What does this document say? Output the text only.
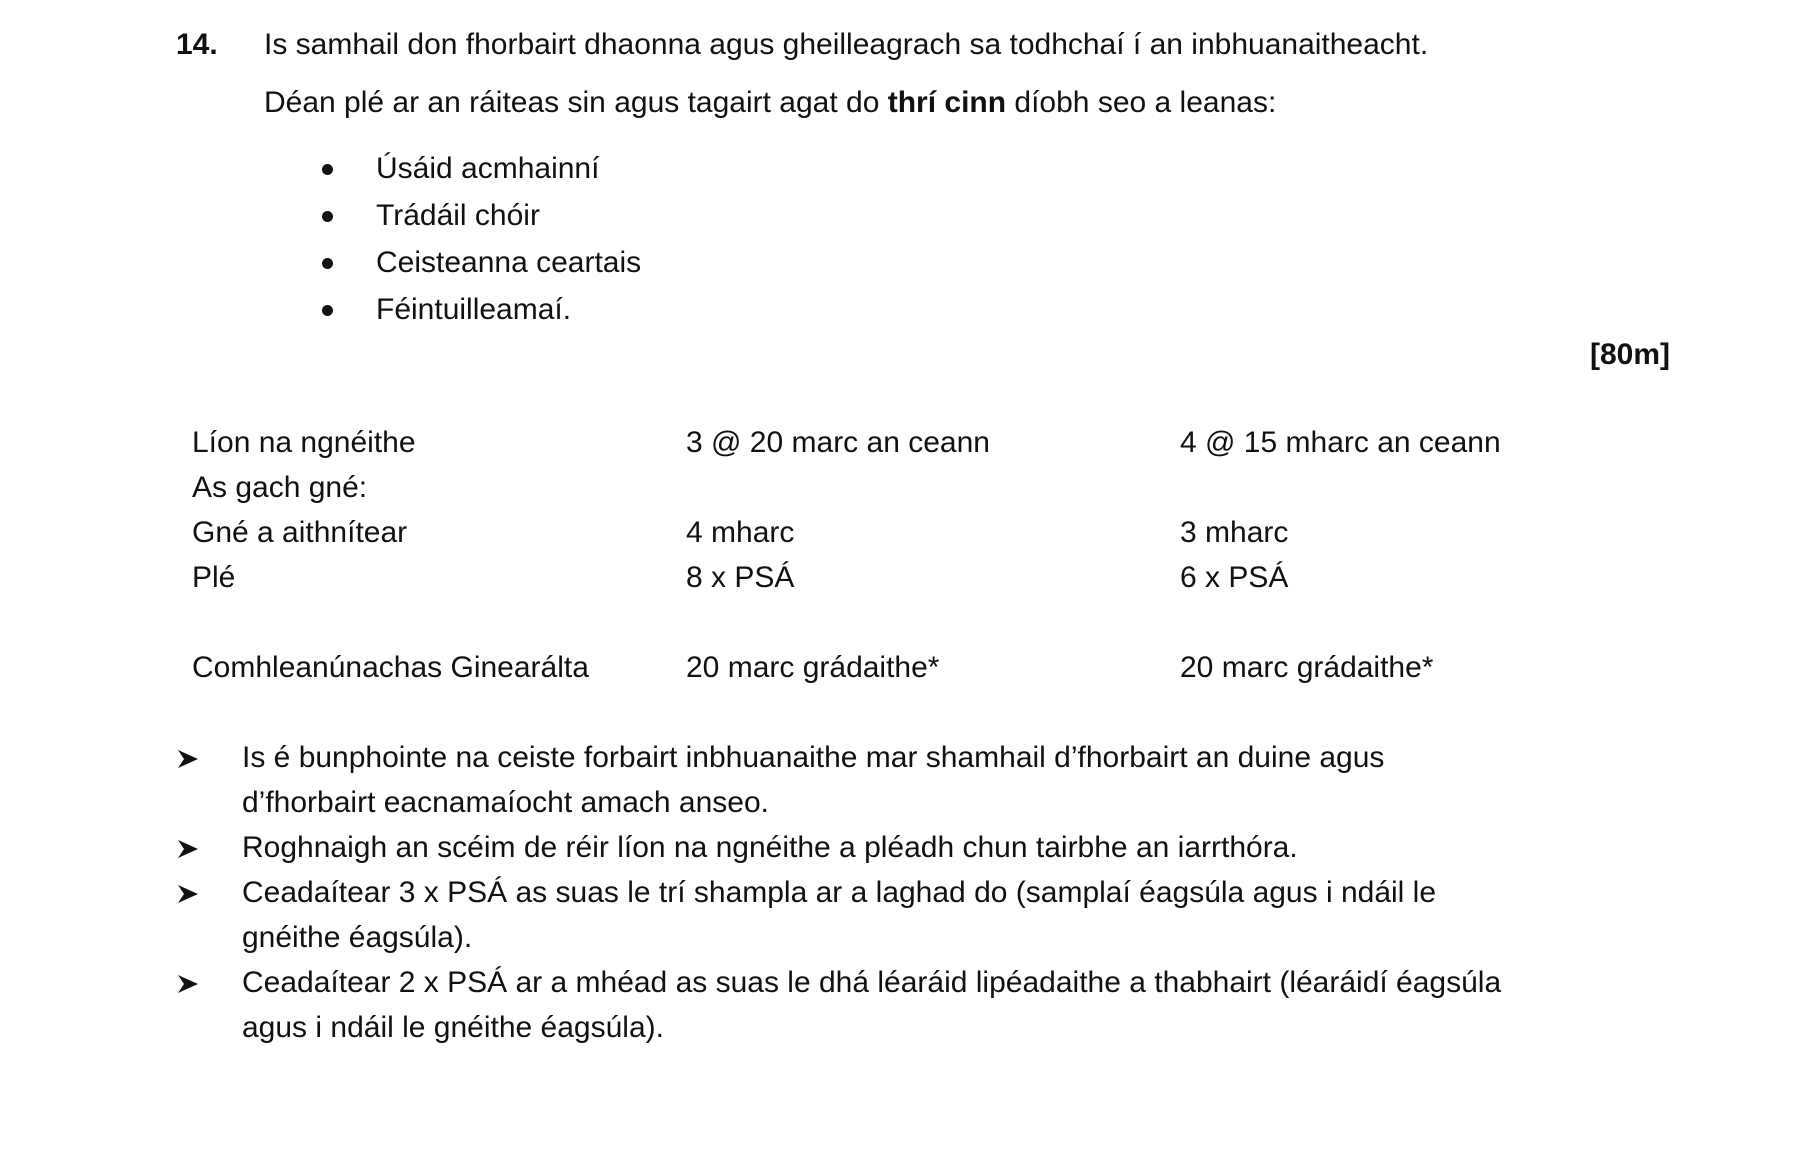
14. Is samhail don fhorbairt dhaonna agus gheilleagrach sa todhchaí í an inbhuanaitheacht.
Déan plé ar an ráiteas sin agus tagairt agat do thrí cinn díobh seo a leanas:
Úsáid acmhainní
Trádáil chóir
Ceisteanna ceartais
Féintuilleamaí.
[80m]
Líon na ngnéithe	3 @ 20 marc an ceann	4 @ 15 mharc an ceann
As gach gné:
Gné a aithnítear	4 mharc	3 mharc
Plé	8 x PSÁ	6 x PSÁ
Comhleanúnachas Ginearálta	20 marc grádaithe*	20 marc grádaithe*
Is é bunphointe na ceiste forbairt inbhuanaithe mar shamhail d’fhorbairt an duine agus
d’fhorbairt eacnamaíocht amach anseo.
Roghnaigh an scéim de réir líon na ngnéithe a pléadh chun tairbhe an iarrthóra.
Ceadaítear 3 x PSÁ as suas le trí shampla ar a laghad do (samplaí éagsúla agus i ndáil le
gnéithe éagsúla).
Ceadaítear 2 x PSÁ ar a mhéad as suas le dhá léaráid lipéadaithe a thabhairt (léaráidí éagsúla
agus i ndáil le gnéithe éagsúla).
